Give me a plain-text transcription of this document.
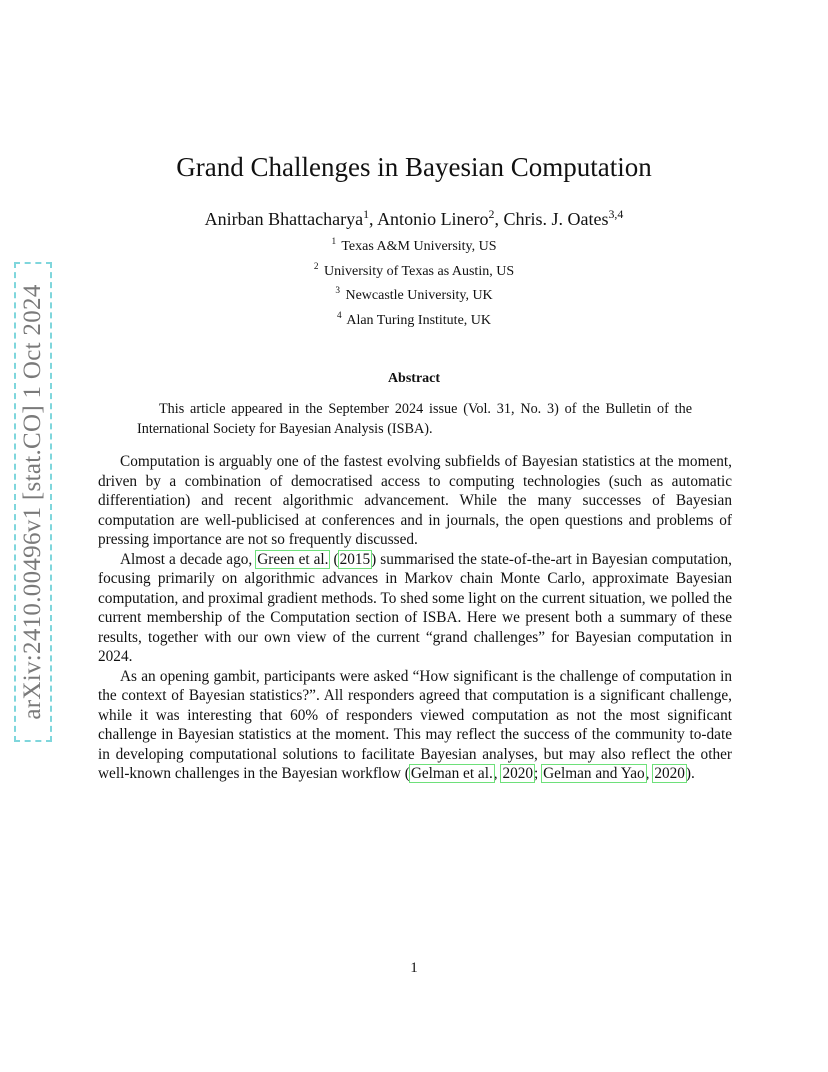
arXiv:2410.00496v1 [stat.CO] 1 Oct 2024
Grand Challenges in Bayesian Computation
Anirban Bhattacharya$^1$, Antonio Linero$^2$, Chris. J. Oates$^{3,4}$
$^1$ Texas A&M University, US
$^2$ University of Texas as Austin, US
$^3$ Newcastle University, UK
$^4$ Alan Turing Institute, UK
Abstract
This article appeared in the September 2024 issue (Vol. 31, No. 3) of the Bulletin of the International Society for Bayesian Analysis (ISBA).

Computation is arguably one of the fastest evolving subfields of Bayesian statistics at the moment, driven by a combination of democratised access to computing technologies (such as automatic differentiation) and recent algorithmic advancement. While the many successes of Bayesian computation are well-publicised at conferences and in journals, the open questions and problems of pressing importance are not so frequently discussed.

Almost a decade ago, Green et al. (2015) summarised the state-of-the-art in Bayesian computation, focusing primarily on algorithmic advances in Markov chain Monte Carlo, approximate Bayesian computation, and proximal gradient methods. To shed some light on the current situation, we polled the current membership of the Computation section of ISBA. Here we present both a summary of these results, together with our own view of the current “grand challenges” for Bayesian computation in 2024.

As an opening gambit, participants were asked “How significant is the challenge of computation in the context of Bayesian statistics?”. All responders agreed that computation is a significant challenge, while it was interesting that 60% of responders viewed computation as not the most significant challenge in Bayesian statistics at the moment. This may reflect the success of the community to-date in developing computational solutions to facilitate Bayesian analyses, but may also reflect the other well-known challenges in the Bayesian workflow (Gelman et al., 2020; Gelman and Yao, 2020).

1
